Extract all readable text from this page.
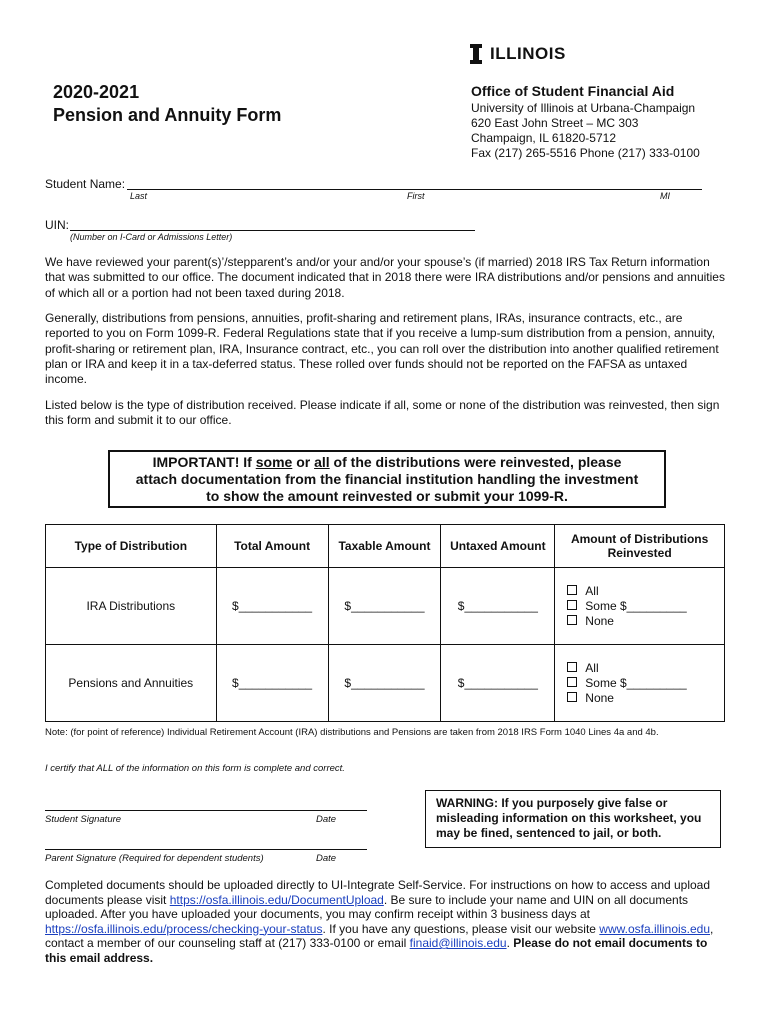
ILLINOIS
2020-2021
Pension and Annuity Form
Office of Student Financial Aid
University of Illinois at Urbana-Champaign
620 East John Street – MC 303
Champaign, IL 61820-5712
Fax (217) 265-5516 Phone (217) 333-0100
Student Name:
Last	First	MI
UIN:
(Number on I-Card or Admissions Letter)
We have reviewed your parent(s)’/stepparent’s and/or your and/or your spouse’s (if married) 2018 IRS Tax Return information that was submitted to our office. The document indicated that in 2018 there were IRA distributions and/or pensions and annuities of which all or a portion had not been taxed during 2018.
Generally, distributions from pensions, annuities, profit-sharing and retirement plans, IRAs, insurance contracts, etc., are reported to you on Form 1099-R. Federal Regulations state that if you receive a lump-sum distribution from a pension, annuity, profit-sharing or retirement plan, IRA, Insurance contract, etc., you can roll over the distribution into another qualified retirement plan or IRA and keep it in a tax-deferred status. These rolled over funds should not be reported on the FAFSA as untaxed income.
Listed below is the type of distribution received. Please indicate if all, some or none of the distribution was reinvested, then sign this form and submit it to our office.
IMPORTANT! If some or all of the distributions were reinvested, please
attach documentation from the financial institution handling the investment
to show the amount reinvested or submit your 1099-R.
Type of Distribution	Total Amount	Taxable Amount	Untaxed Amount	Amount of Distributions Reinvested
IRA Distributions	$___________	$___________	$___________	All
Some $_________
None

Pensions and Annuities	$___________	$___________	$___________	All
Some $_________
None
Note: (for point of reference) Individual Retirement Account (IRA) distributions and Pensions are taken from 2018 IRS Form 1040 Lines 4a and 4b.
I certify that ALL of the information on this form is complete and correct.
Student Signature	Date
Parent Signature (Required for dependent students)	Date
WARNING: If you purposely give false or misleading information on this worksheet, you may be fined, sentenced to jail, or both.
Completed documents should be uploaded directly to UI-Integrate Self-Service. For instructions on how to access and upload documents please visit https://osfa.illinois.edu/DocumentUpload. Be sure to include your name and UIN on all documents uploaded. After you have uploaded your documents, you may confirm receipt within 3 business days at https://osfa.illinois.edu/process/checking-your-status. If you have any questions, please visit our website www.osfa.illinois.edu, contact a member of our counseling staff at (217) 333-0100 or email finaid@illinois.edu. Please do not email documents to this email address.
